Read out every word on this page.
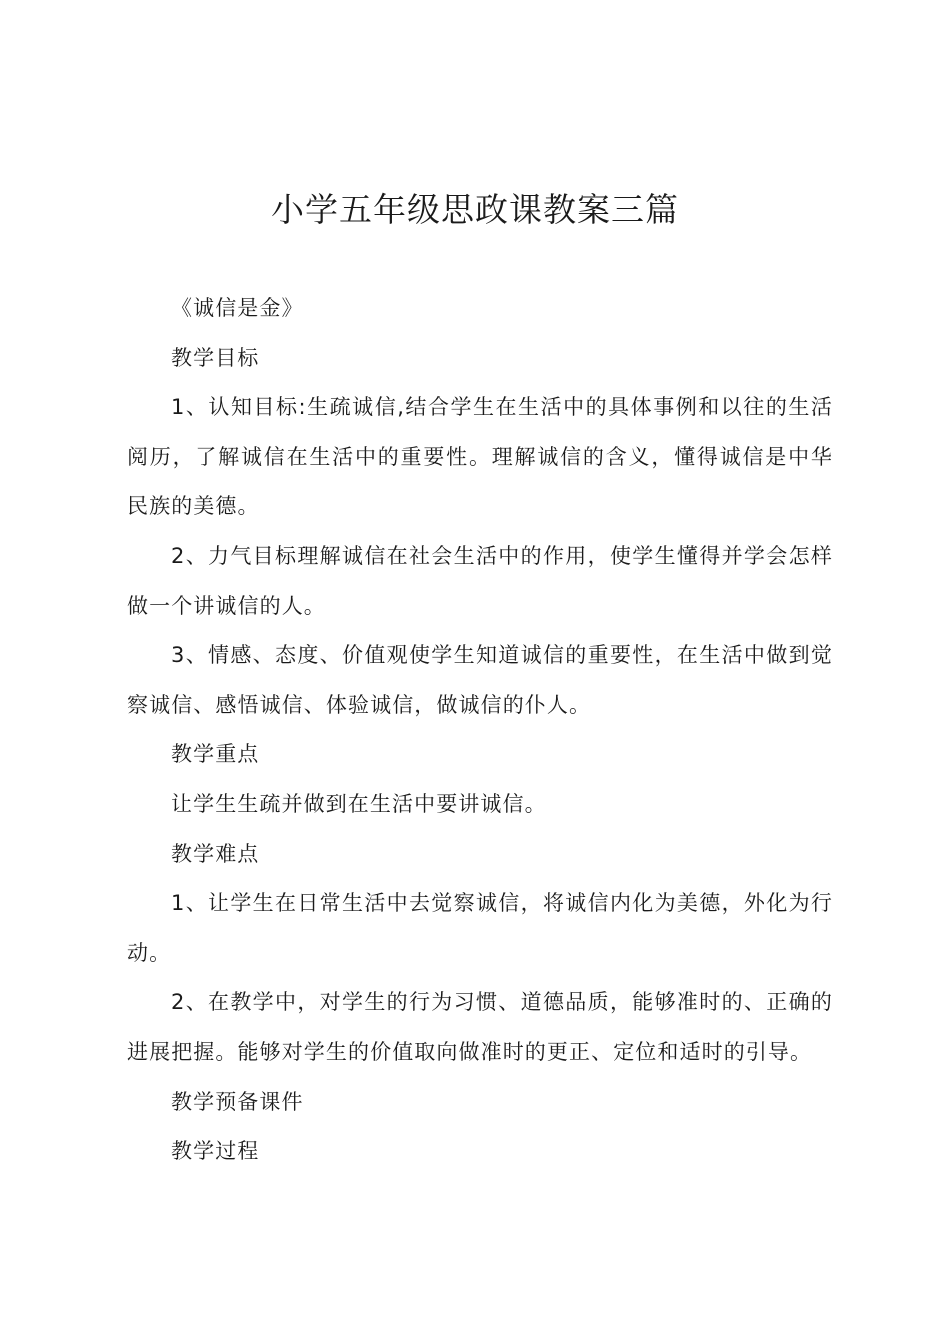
小学五年级思政课教案三篇

《诚信是金》

教学目标

1、认知目标:生疏诚信,结合学生在生活中的具体事例和以往的生活阅历，了解诚信在生活中的重要性。理解诚信的含义，懂得诚信是中华民族的美德。

2、力气目标理解诚信在社会生活中的作用，使学生懂得并学会怎样做一个讲诚信的人。

3、情感、态度、价值观使学生知道诚信的重要性，在生活中做到觉察诚信、感悟诚信、体验诚信，做诚信的仆人。

教学重点

让学生生疏并做到在生活中要讲诚信。

教学难点

1、让学生在日常生活中去觉察诚信，将诚信内化为美德，外化为行动。

2、在教学中，对学生的行为习惯、道德品质，能够准时的、正确的进展把握。能够对学生的价值取向做准时的更正、定位和适时的引导。

教学预备课件

教学过程
